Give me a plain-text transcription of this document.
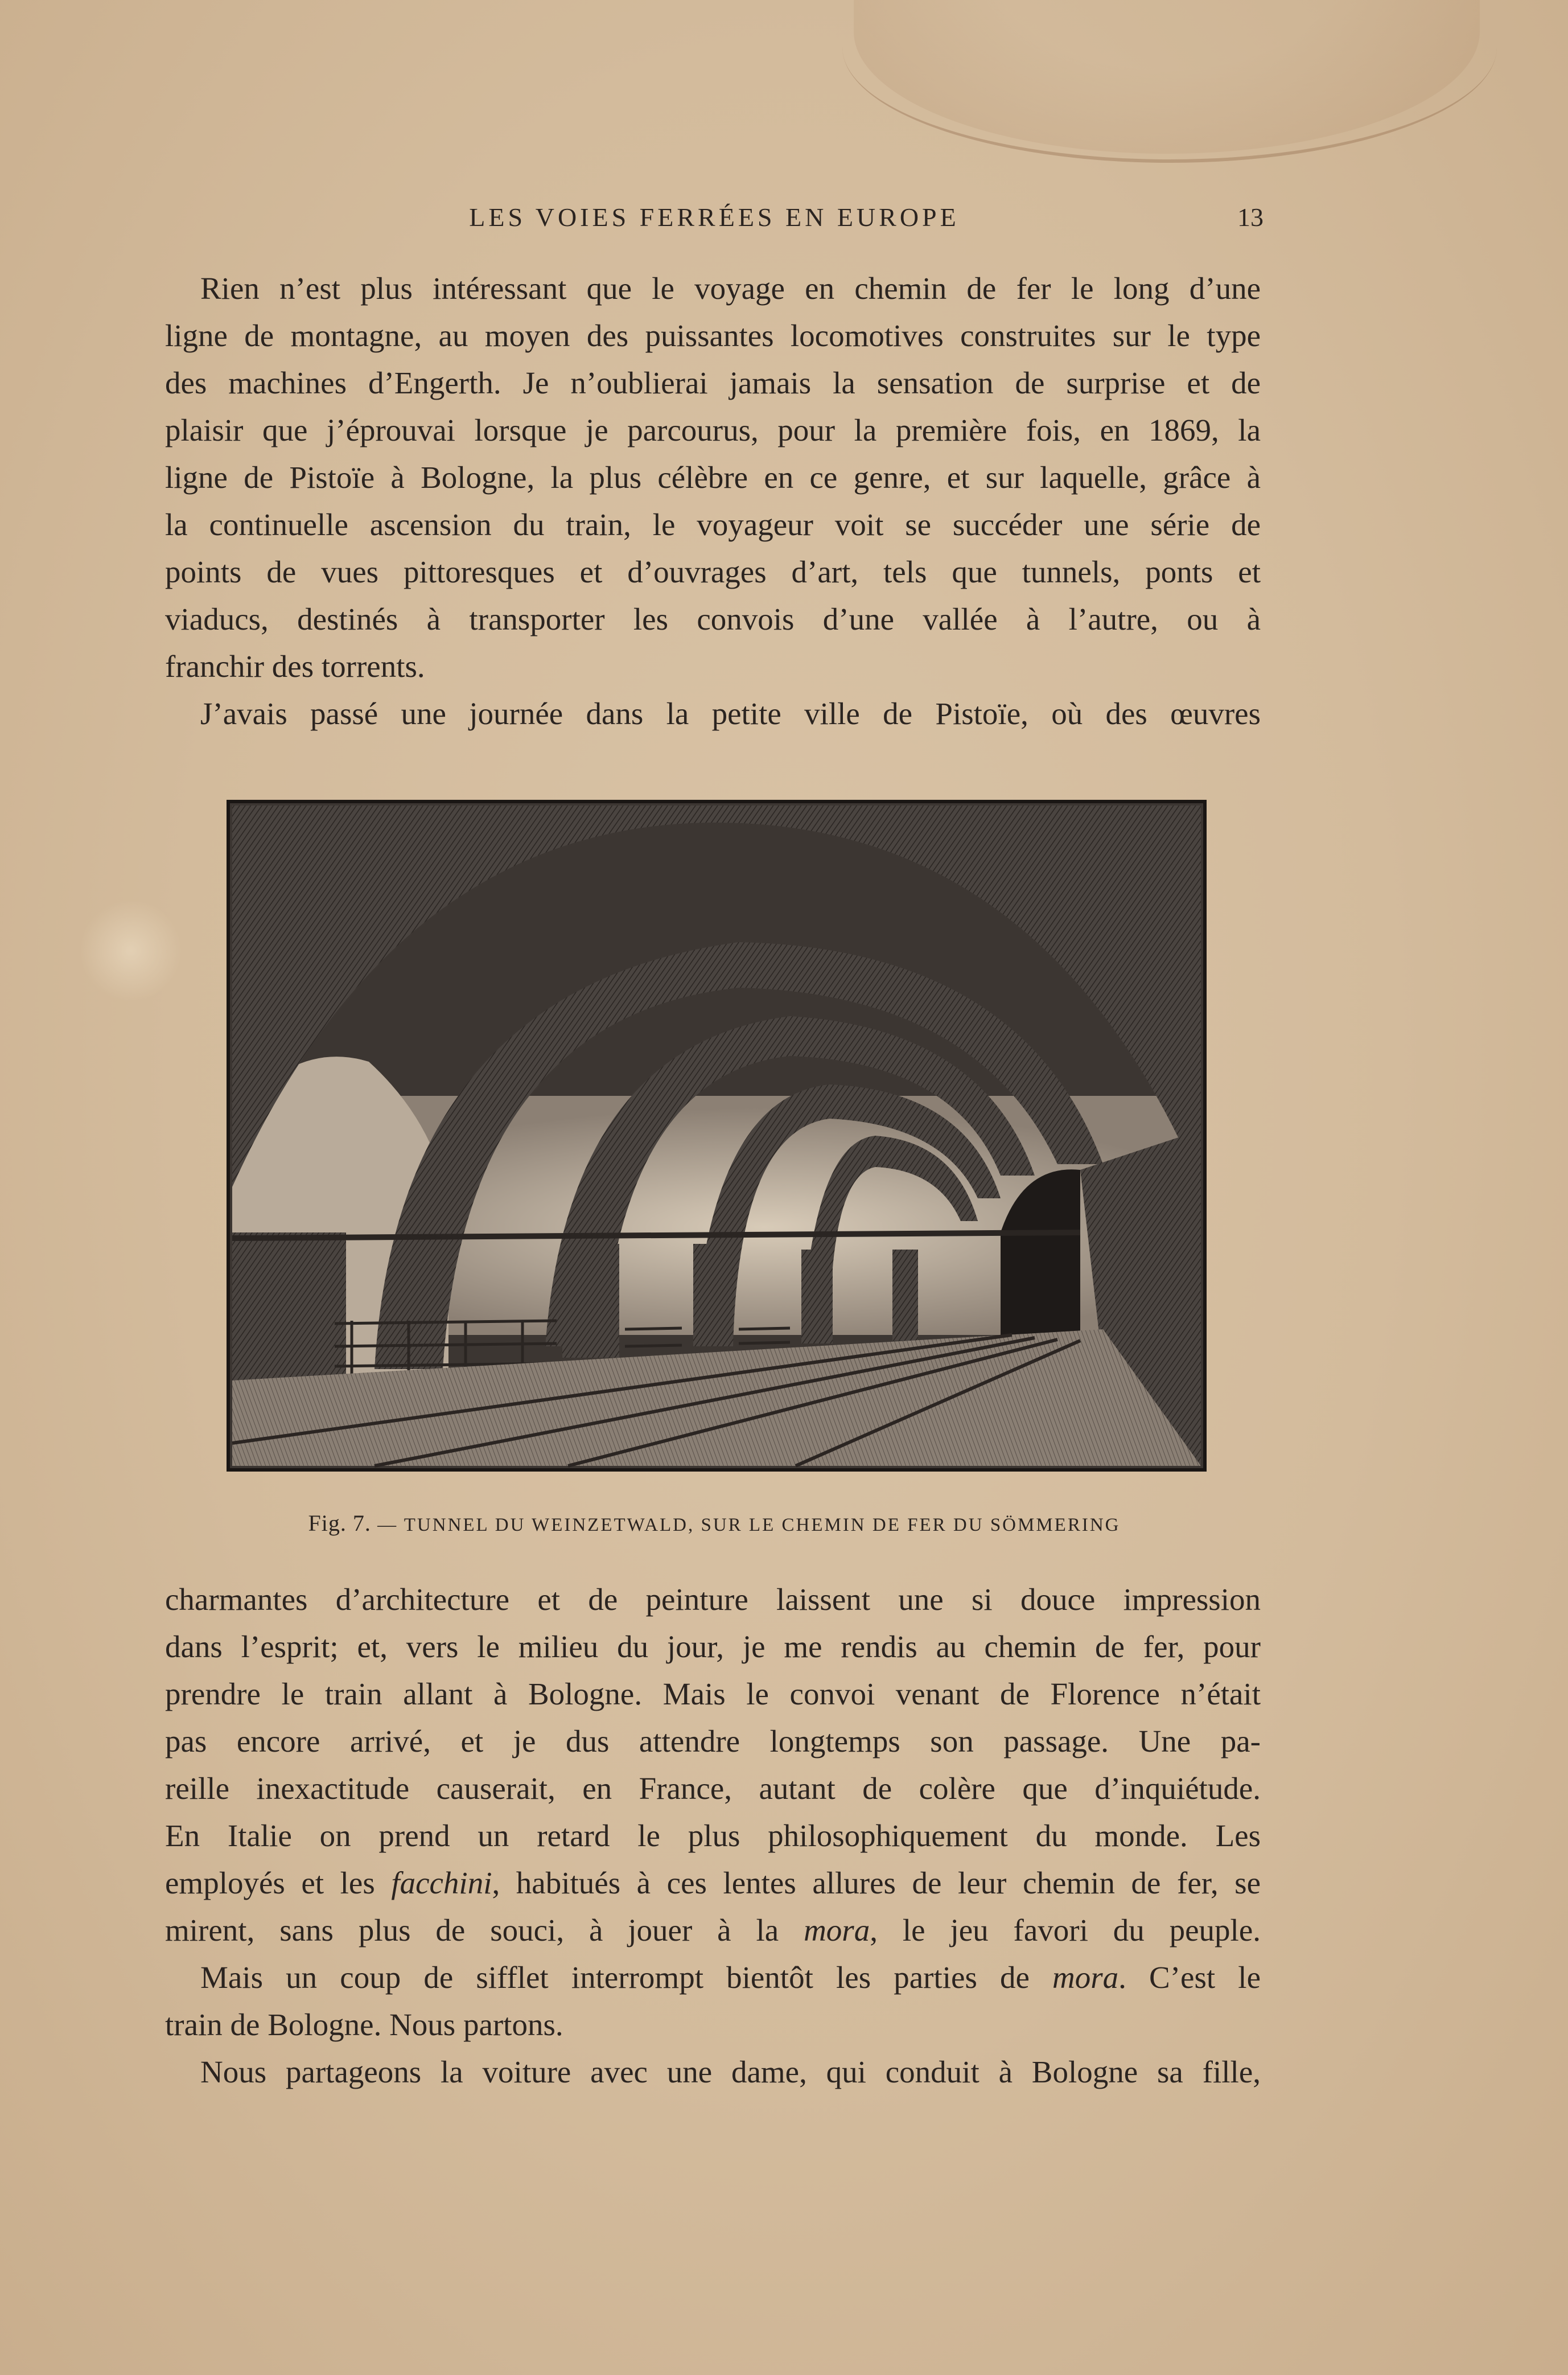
LES VOIES FERRÉES EN EUROPE	13
Rien n’est plus intéressant que le voyage en chemin de fer le long d’une
ligne de montagne, au moyen des puissantes locomotives construites sur le type
des machines d’Engerth. Je n’oublierai jamais la sensation de surprise et de
plaisir que j’éprouvai lorsque je parcourus, pour la première fois, en 1869, la
ligne de Pistoïe à Bologne, la plus célèbre en ce genre, et sur laquelle, grâce à
la continuelle ascension du train, le voyageur voit se succéder une série de
points de vues pittoresques et d’ouvrages d’art, tels que tunnels, ponts et
viaducs, destinés à transporter les convois d’une vallée à l’autre, ou à
franchir des torrents.
J’avais passé une journée dans la petite ville de Pistoïe, où des œuvres
Fig. 7. — TUNNEL DU WEINZETWALD, SUR LE CHEMIN DE FER DU SÖMMERING
charmantes d’architecture et de peinture laissent une si douce impression
dans l’esprit; et, vers le milieu du jour, je me rendis au chemin de fer, pour
prendre le train allant à Bologne. Mais le convoi venant de Florence n’était
pas encore arrivé, et je dus attendre longtemps son passage. Une pa-
reille inexactitude causerait, en France, autant de colère que d’inquiétude.
En Italie on prend un retard le plus philosophiquement du monde. Les
employés et les facchini, habitués à ces lentes allures de leur chemin de fer, se
mirent, sans plus de souci, à jouer à la mora, le jeu favori du peuple.
Mais un coup de sifflet interrompt bientôt les parties de mora. C’est le
train de Bologne. Nous partons.
Nous partageons la voiture avec une dame, qui conduit à Bologne sa fille,
